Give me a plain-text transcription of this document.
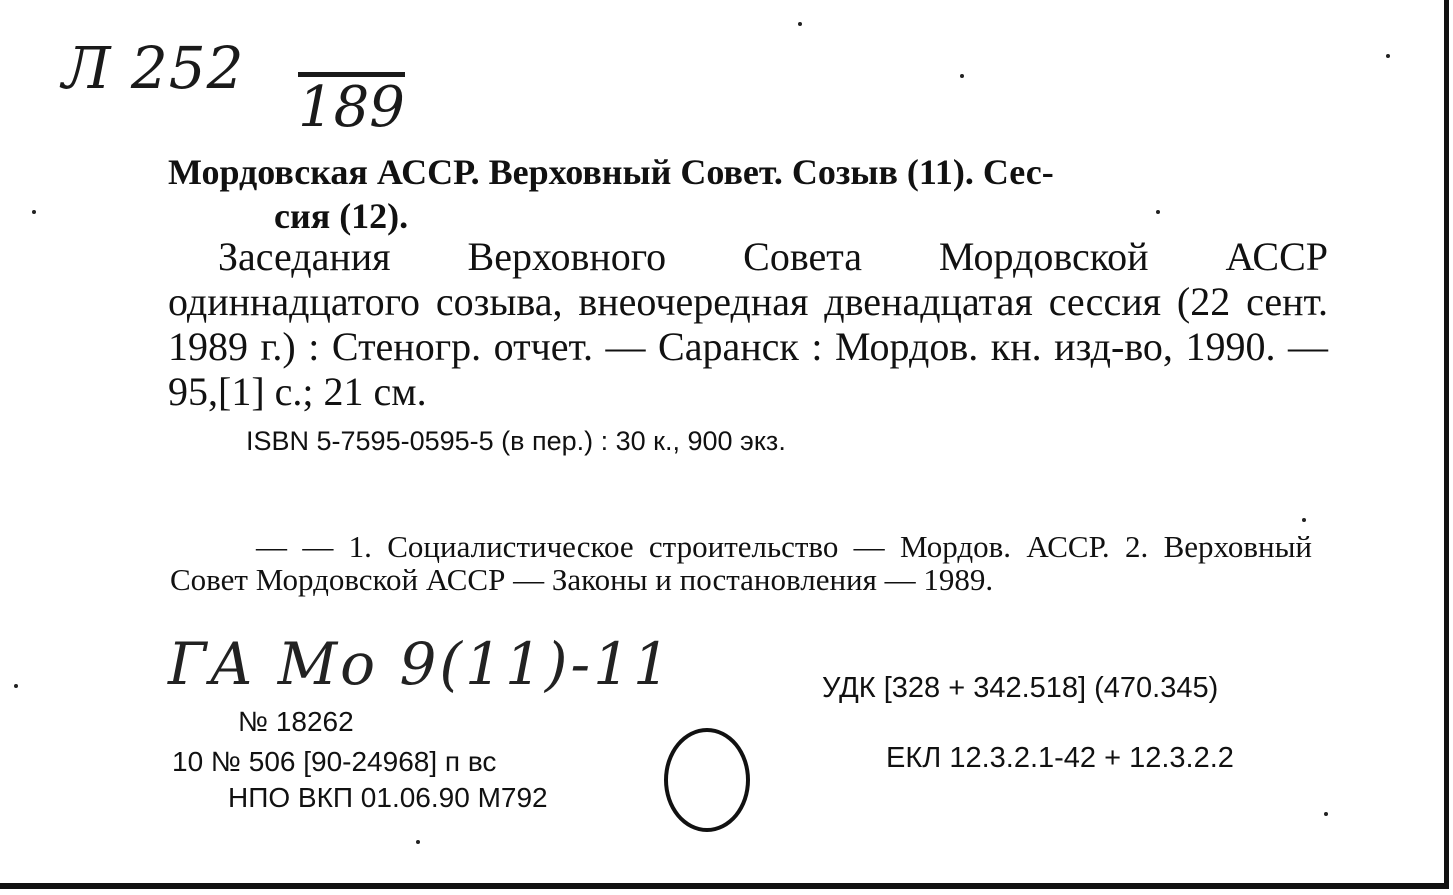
Л 252
189
Мордовская АССР. Верховный Совет. Созыв (11). Сес-
сия (12).
Заседания Верховного Совета Мордовской АССР
одиннадцатого созыва, внеочередная двенадцатая сессия (22 сент. 1989 г.) : Стеногр. отчет. — Саранск : Мордов. кн. изд-во, 1990. — 95,[1] с.; 21 см.
ISBN 5-7595-0595-5 (в пер.) : 30 к., 900 экз.
— — 1. Социалистическое строительство — Мордов. АССР. 2. Верховный Совет Мордовской АССР — Законы и постановления — 1989.
ГА Мо 9(11)-11	УДК [328 + 342.518] (470.345)
ЕКЛ 12.3.2.1-42 + 12.3.2.2
№ 18262
10 № 506 [90-24968] п вс
НПО ВКП 01.06.90 М792
